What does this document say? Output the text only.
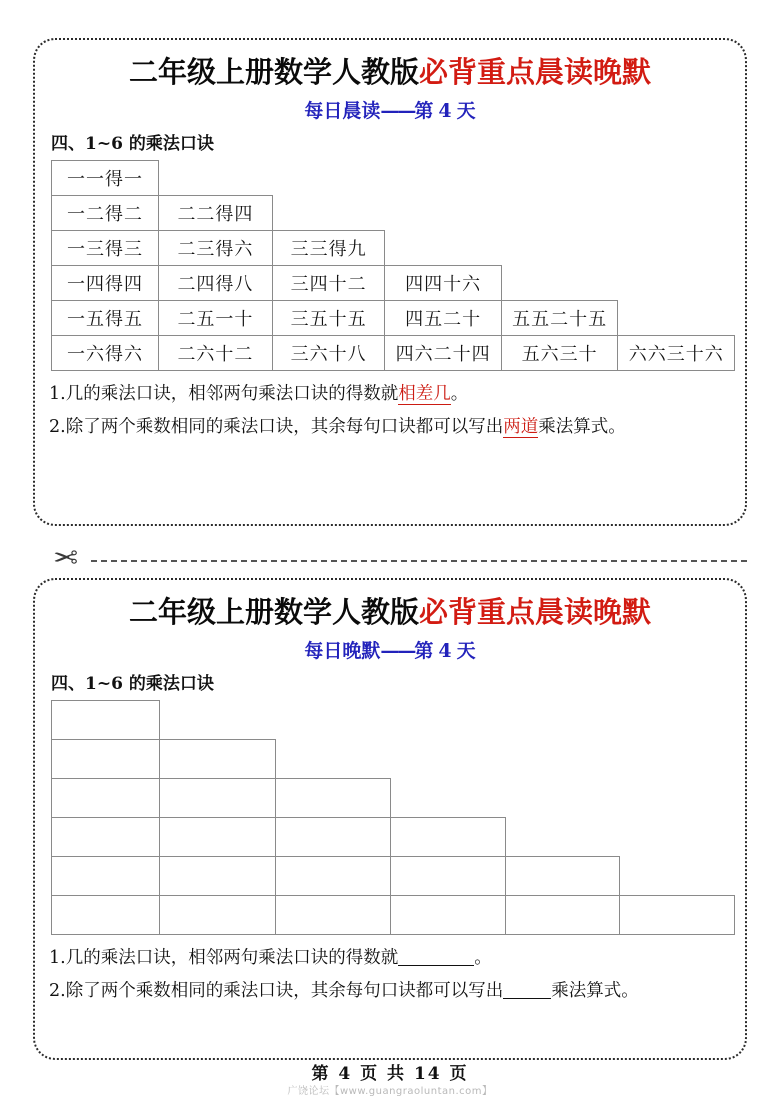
二年级上册数学人教版必背重点晨读晚默
每日晨读——第 4 天
四、1~6 的乘法口诀
一一得一					
一二得二	二二得四				
一三得三	二三得六	三三得九			
一四得四	二四得八	三四十二	四四十六		
一五得五	二五一十	三五十五	四五二十	五五二十五	
一六得六	二六十二	三六十八	四六二十四	五六三十	六六三十六

1.几的乘法口诀，相邻两句乘法口诀的得数就相差几。

2.除了两个乘数相同的乘法口诀，其余每句口诀都可以写出两道乘法算式。

✂
二年级上册数学人教版必背重点晨读晚默
每日晚默——第 4 天
四、1~6 的乘法口诀

1.几的乘法口诀，相邻两句乘法口诀的得数就	。

2.除了两个乘数相同的乘法口诀，其余每句口诀都可以写出	乘法算式。

第 4 页 共 14 页
广饶论坛【www.guangraoluntan.com】
